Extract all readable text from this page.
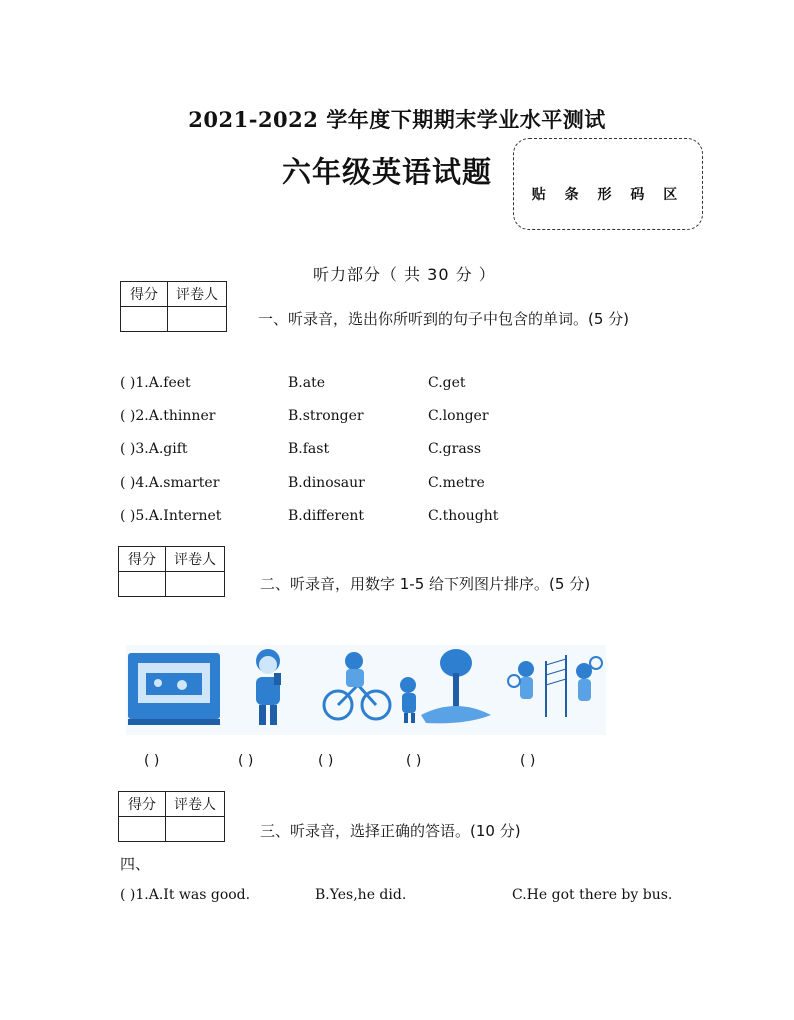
2021-2022 学年度下期期末学业水平测试
六年级英语试题
贴 条 形 码 区
听力部分（ 共 30 分 ）
得分	评卷人

一、听录音，选出你所听到的句子中包含的单词。(5 分)
( )1.A.feet	B.ate	C.get
( )2.A.thinner	B.stronger	C.longer
( )3.A.gift	B.fast	C.grass
( )4.A.smarter	B.dinosaur	C.metre
( )5.A.Internet	B.different	C.thought
得分	评卷人

二、听录音，用数字 1-5 给下列图片排序。(5 分)
( )	( )	( )	( )	( )
得分	评卷人

三、听录音，选择正确的答语。(10 分)
四、
( )1.A.It was good.	B.Yes,he did.	C.He got there by bus.
